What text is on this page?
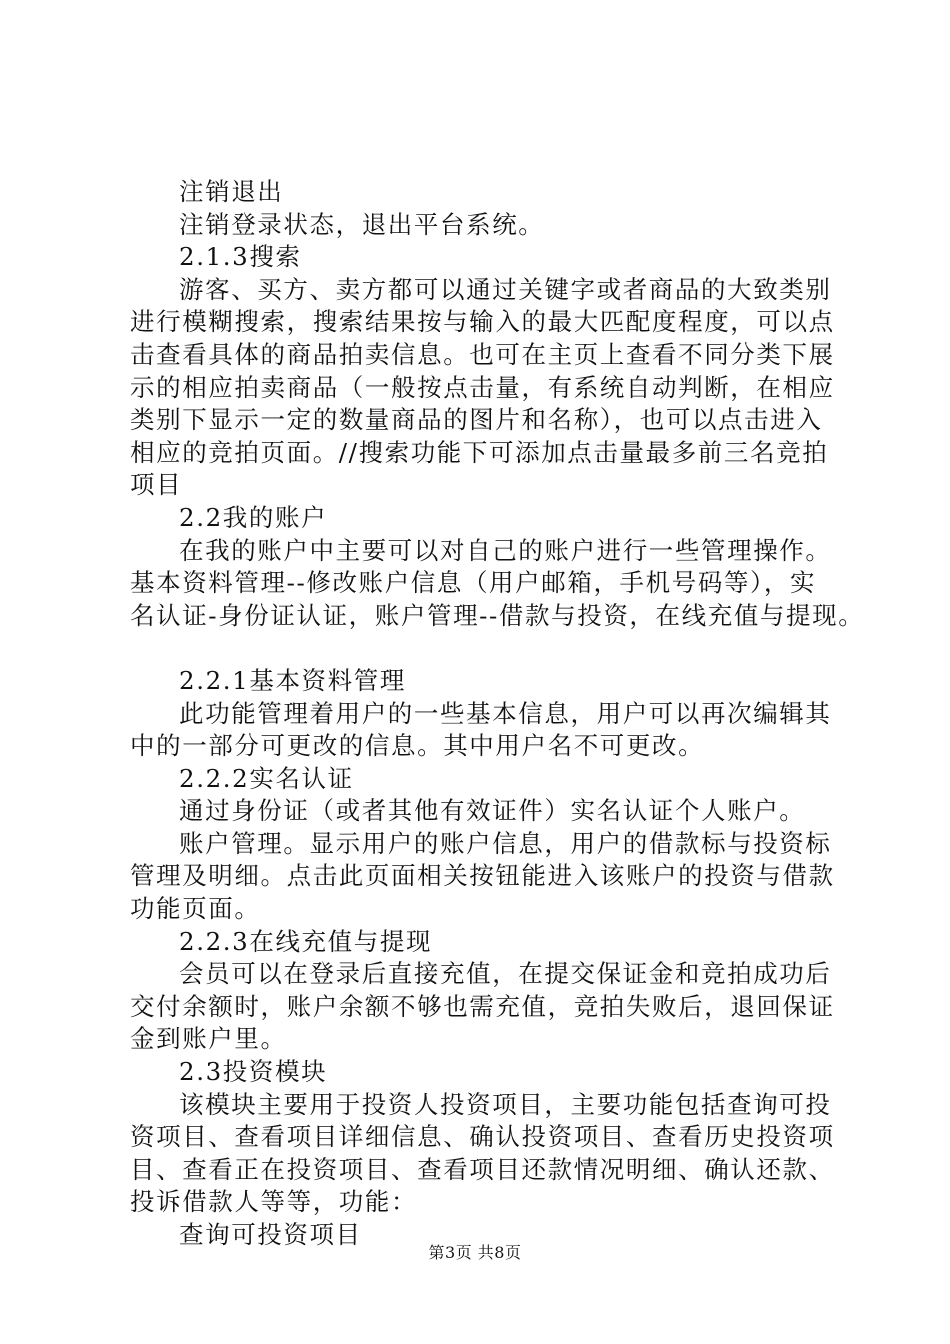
注销退出
注销登录状态，退出平台系统。
2.1.3搜索
游客、买方、卖方都可以通过关键字或者商品的大致类别
进行模糊搜索，搜索结果按与输入的最大匹配度程度，可以点
击查看具体的商品拍卖信息。也可在主页上查看不同分类下展
示的相应拍卖商品（一般按点击量，有系统自动判断，在相应
类别下显示一定的数量商品的图片和名称），也可以点击进入
相应的竞拍页面。//搜索功能下可添加点击量最多前三名竞拍
项目
2.2我的账户
在我的账户中主要可以对自己的账户进行一些管理操作。
基本资料管理--修改账户信息（用户邮箱，手机号码等），实
名认证-身份证认证，账户管理--借款与投资，在线充值与提现。
2.2.1基本资料管理
此功能管理着用户的一些基本信息，用户可以再次编辑其
中的一部分可更改的信息。其中用户名不可更改。
2.2.2实名认证
通过身份证（或者其他有效证件）实名认证个人账户。
账户管理。显示用户的账户信息，用户的借款标与投资标
管理及明细。点击此页面相关按钮能进入该账户的投资与借款
功能页面。
2.2.3在线充值与提现
会员可以在登录后直接充值，在提交保证金和竞拍成功后
交付余额时，账户余额不够也需充值，竞拍失败后，退回保证
金到账户里。
2.3投资模块
该模块主要用于投资人投资项目，主要功能包括查询可投
资项目、查看项目详细信息、确认投资项目、查看历史投资项
目、查看正在投资项目、查看项目还款情况明细、确认还款、
投诉借款人等等，功能：
查询可投资项目
第3页 共8页
